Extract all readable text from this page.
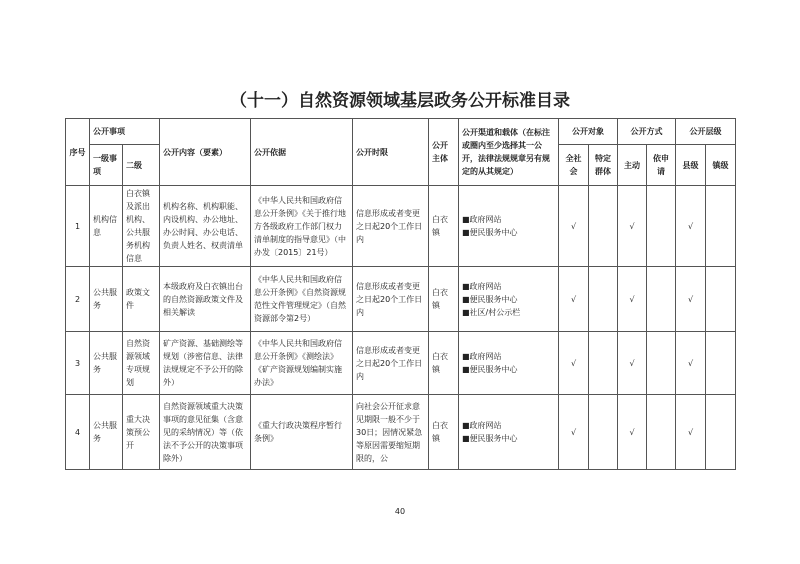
（十一）自然资源领域基层政务公开标准目录
序号	公开事项		公开内容（要素）	公开依据	公开时限	公开主体	公开渠道和载体（在标注或圈内至少选择其一公开，法律法规规章另有规定的从其规定）	公开对象		公开方式		公开层级	
	一级事项	二级						全社会	特定群体	主动	依申请	县级	镇级
1	机构信息	白衣镇及派出机构、公共服务机构信息	机构名称、机构职能、内设机构、办公地址、办公时间、办公电话、负责人姓名、权责清单	《中华人民共和国政府信息公开条例》《关于推行地方各级政府工作部门权力清单制度的指导意见》（中办发〔2015〕21号）	信息形成或者变更之日起20个工作日内	白衣镇	■政府网站
■便民服务中心	√		√		√	
2	公共服务	政策文件	本级政府及白衣镇出台的自然资源政策文件及相关解读	《中华人民共和国政府信息公开条例》《自然资源规范性文件管理规定》（自然资源部令第2号）	信息形成或者变更之日起20个工作日内	白衣镇	■政府网站
■便民服务中心
■社区/村公示栏	√		√		√	
3	公共服务	自然资源领域专项规划	矿产资源、基础测绘等规划（涉密信息、法律法规规定不予公开的除外）	《中华人民共和国政府信息公开条例》《测绘法》《矿产资源规划编制实施办法》	信息形成或者变更之日起20个工作日内	白衣镇	■政府网站
■便民服务中心	√		√		√	
4	公共服务	重大决策预公开	自然资源领域重大决策事项的意见征集（含意见的采纳情况）等（依法不予公开的决策事项除外）	《重大行政决策程序暂行条例》	向社会公开征求意见期限一般不少于30日；因情况紧急等原因需要缩短期限的，公	白衣镇	■政府网站
■便民服务中心	√		√		√	
40
